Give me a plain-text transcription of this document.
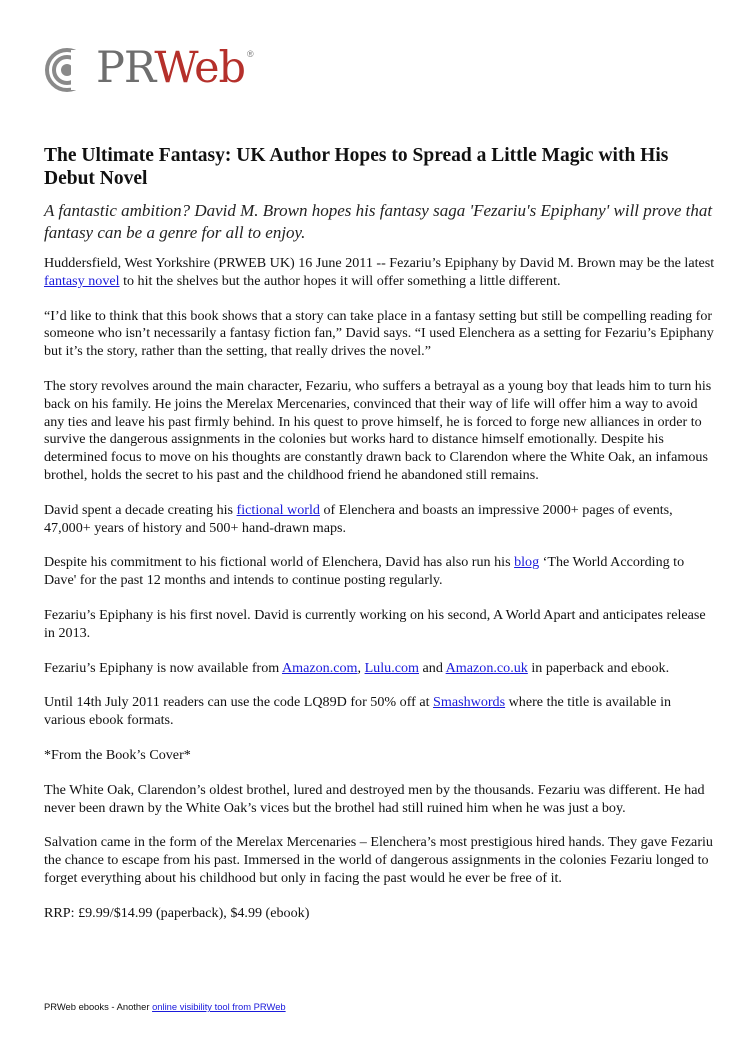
PRWeb ®
The Ultimate Fantasy: UK Author Hopes to Spread a Little Magic with His Debut Novel
A fantastic ambition? David M. Brown hopes his fantasy saga 'Fezariu's Epiphany' will prove that fantasy can be a genre for all to enjoy.

Huddersfield, West Yorkshire (PRWEB UK) 16 June 2011 -- Fezariu’s Epiphany by David M. Brown may be the latest fantasy novel to hit the shelves but the author hopes it will offer something a little different.

“I’d like to think that this book shows that a story can take place in a fantasy setting but still be compelling reading for someone who isn’t necessarily a fantasy fiction fan,” David says. “I used Elenchera as a setting for Fezariu’s Epiphany but it’s the story, rather than the setting, that really drives the novel.”

The story revolves around the main character, Fezariu, who suffers a betrayal as a young boy that leads him to turn his back on his family. He joins the Merelax Mercenaries, convinced that their way of life will offer him a way to avoid any ties and leave his past firmly behind. In his quest to prove himself, he is forced to forge new alliances in order to survive the dangerous assignments in the colonies but works hard to distance himself emotionally. Despite his determined focus to move on his thoughts are constantly drawn back to Clarendon where the White Oak, an infamous brothel, holds the secret to his past and the childhood friend he abandoned still remains.

David spent a decade creating his fictional world of Elenchera and boasts an impressive 2000+ pages of events, 47,000+ years of history and 500+ hand-drawn maps.

Despite his commitment to his fictional world of Elenchera, David has also run his blog ‘The World According to Dave' for the past 12 months and intends to continue posting regularly.

Fezariu’s Epiphany is his first novel. David is currently working on his second, A World Apart and anticipates release in 2013.

Fezariu’s Epiphany is now available from Amazon.com, Lulu.com and Amazon.co.uk in paperback and ebook.

Until 14th July 2011 readers can use the code LQ89D for 50% off at Smashwords where the title is available in various ebook formats.

*From the Book’s Cover*

The White Oak, Clarendon’s oldest brothel, lured and destroyed men by the thousands. Fezariu was different. He had never been drawn by the White Oak’s vices but the brothel had still ruined him when he was just a boy.

Salvation came in the form of the Merelax Mercenaries – Elenchera’s most prestigious hired hands. They gave Fezariu the chance to escape from his past. Immersed in the world of dangerous assignments in the colonies Fezariu longed to forget everything about his childhood but only in facing the past would he ever be free of it.

RRP: £9.99/$14.99 (paperback), $4.99 (ebook)

PRWeb ebooks - Another online visibility tool from PRWeb
